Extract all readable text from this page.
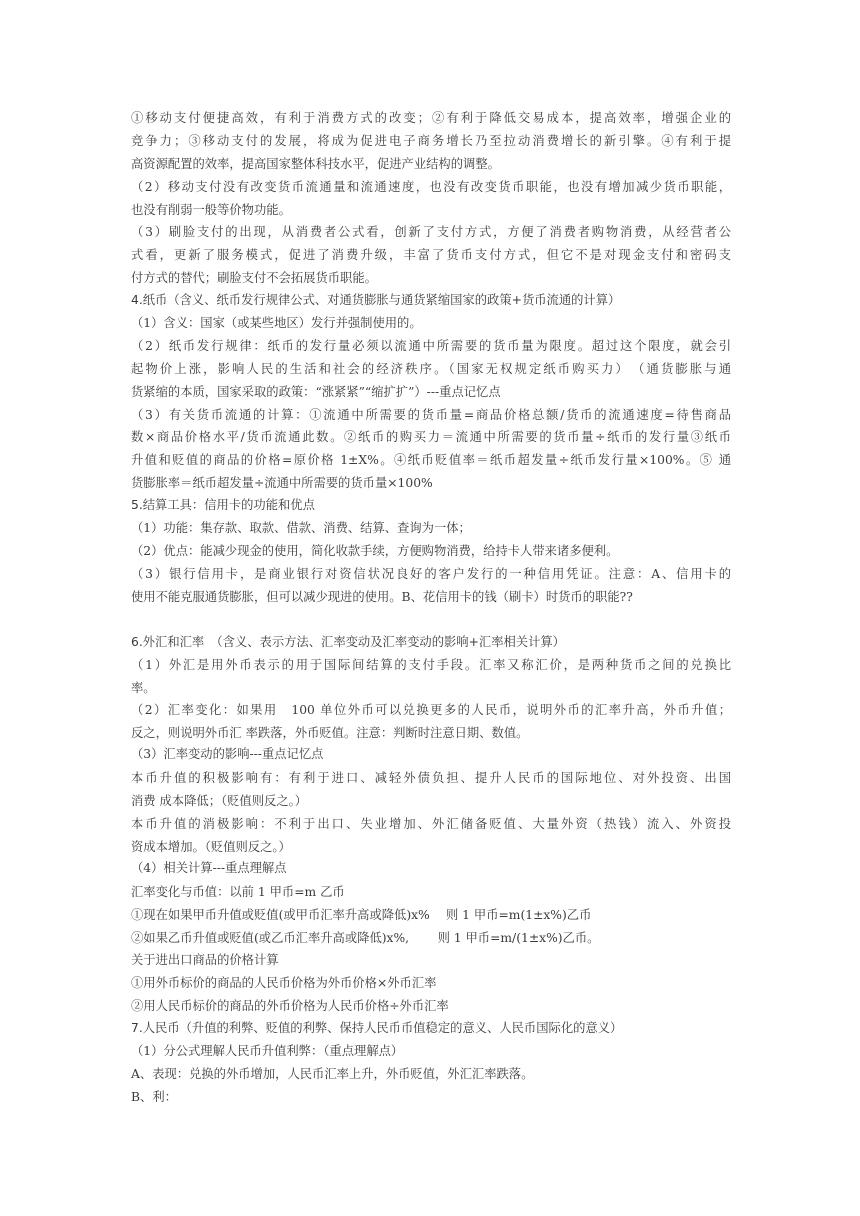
①移动支付便捷高效，有利于消费方式的改变；②有利于降低交易成本，提高效率，增强企业的
竞争力；③移动支付的发展，将成为促进电子商务增长乃至拉动消费增长的新引擎。④有利于提
高资源配置的效率，提高国家整体科技水平，促进产业结构的调整。
（2）移动支付没有改变货币流通量和流通速度，也没有改变货币职能，也没有增加减少货币职能，
也没有削弱一般等价物功能。
（3）刷脸支付的出现，从消费者公式看，创新了支付方式，方便了消费者购物消费，从经营者公
式看，更新了服务模式，促进了消费升级，丰富了货币支付方式，但它不是对现金支付和密码支
付方式的替代；刷脸支付不会拓展货币职能。
4.纸币（含义、纸币发行规律公式、对通货膨胀与通货紧缩国家的政策+货币流通的计算）
（1）含义：国家（或某些地区）发行并强制使用的。
（2）纸币发行规律：纸币的发行量必须以流通中所需要的货币量为限度。超过这个限度，就会引
起物价上涨，影响人民的生活和社会的经济秩序。（国家无权规定纸币购买力）　（通货膨胀与通
货紧缩的本质，国家采取的政策：“涨紧紧”“缩扩扩”）---重点记忆点
（3）有关货币流通的计算：①流通中所需要的货币量=商品价格总额/货币的流通速度=待售商品
数×商品价格水平/货币流通此数。②纸币的购买力＝流通中所需要的货币量÷纸币的发行量③纸币
升值和贬值的商品的价格=原价格 1±X%。④纸币贬值率＝纸币超发量÷纸币发行量×100%。⑤ 通
货膨胀率＝纸币超发量÷流通中所需要的货币量×100%
5.结算工具：信用卡的功能和优点
（1）功能：集存款、取款、借款、消费、结算、查询为一体；
（2）优点：能减少现金的使用，简化收款手续，方便购物消费，给持卡人带来诸多便利。
（3）银行信用卡，是商业银行对资信状况良好的客户发行的一种信用凭证。注意：A、信用卡的
使用不能克服通货膨胀，但可以减少现进的使用。B、花信用卡的钱（刷卡）时货币的职能??
6.外汇和汇率　（含义、表示方法、汇率变动及汇率变动的影响+汇率相关计算）
（1）外汇是用外币表示的用于国际间结算的支付手段。汇率又称汇价，是两种货币之间的兑换比
率。
（2）汇率变化：如果用　100 单位外币可以兑换更多的人民币，说明外币的汇率升高，外币升值；
反之，则说明外币汇 率跌落，外币贬值。注意：判断时注意日期、数值。
（3）汇率变动的影响---重点记忆点
本币升值的积极影响有：有利于进口、减轻外债负担、提升人民币的国际地位、对外投资、出国
消费 成本降低；（贬值则反之。）
本币升值的消极影响：不利于出口、失业增加、外汇储备贬值、大量外资（热钱）流入、外资投
资成本增加。（贬值则反之。）
（4）相关计算---重点理解点
汇率变化与币值：以前 1 甲币=m 乙币
①现在如果甲币升值或贬值(或甲币汇率升高或降低)x%　 则 1 甲币=m(1±x%)乙币
②如果乙币升值或贬值(或乙币汇率升高或降低)x%,　　 则 1 甲币=m/(1±x%)乙币。
关于进出口商品的价格计算
①用外币标价的商品的人民币价格为外币价格×外币汇率
②用人民币标价的商品的外币价格为人民币价格÷外币汇率
7.人民币（升值的利弊、贬值的利弊、保持人民币币值稳定的意义、人民币国际化的意义）
（1）分公式理解人民币升值利弊：（重点理解点）
A、表现：兑换的外币增加，人民币汇率上升，外币贬值，外汇汇率跌落。
B、利：
